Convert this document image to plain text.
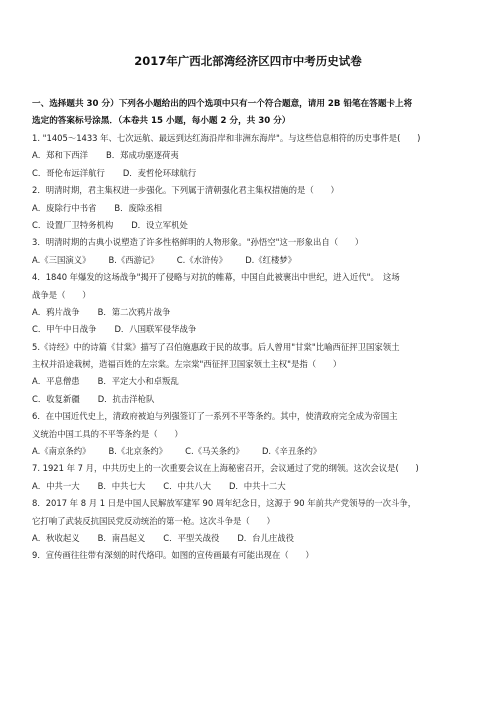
2017年广西北部湾经济区四市中考历史试卷
一、选择题共 30 分）下列各小题给出的四个选项中只有一个符合题意，请用 2B 铅笔在答题卡上将
选定的答案标号涂黑．（本卷共 15 小题，每小题 2 分，共 30 分）
1. "1405～1433 年、七次远航、最远到达红海沿岸和非洲东海岸"。与这些信息相符的历史事件是(　　)
A．郑和下西洋 B．郑成功驱逐荷夷
C．哥伦布远洋航行 D．麦哲伦环球航行
2．明清时期，君主集权进一步强化。下列属于清朝强化君主集权措施的是（　　）
A．废除行中书省 B．废除丞相
C．设置厂卫特务机构 D．设立军机处
3．明清时期的古典小说塑造了许多性格鲜明的人物形象。"孙悟空"这一形象出自（　　）
A.《三国演义》 B.《西游记》 C.《水浒传》 D.《红楼梦》
4．1840 年爆发的这场战争"揭开了侵略与对抗的帷幕，中国自此被裹出中世纪，进入近代"。　这场
战争是（　　）
A．鸦片战争 B．第二次鸦片战争
C．甲午中日战争 D．八国联军侵华战争
5.《诗经》中的诗篇《甘棠》描写了召伯施惠政于民的故事。后人曾用"甘棠"比喻西征抨卫国家领土
主权并沿途栽树，造福百姓的左宗棠。左宗棠"西征抨卫国家领土主权"是指（　　）
A．平息僧患 B．平定大小和卓叛乱
C．收复新疆 D．抗击洋枪队
6．在中国近代史上，清政府被迫与列强签订了一系列不平等条约。其中，使清政府完全成为帝国主
义统治中国工具的不平等条约是（　　）
A.《南京条约》 B.《北京条约》 C.《马关条约》 D.《辛丑条约》
7. 1921 年 7 月，中共历史上的一次重要会议在上海秘密召开，会议通过了党的纲领。这次会议是(　　)
A．中共一大 B．中共七大 C．中共八大 D．中共十二大
8．2017 年 8 月 1 日是中国人民解放军建军 90 周年纪念日，这源于 90 年前共产党领导的一次斗争，
它打响了武装反抗国民党反动统治的第一枪。这次斗争是（　　）
A．秋收起义 B．南昌起义 C．平型关战役 D．台儿庄战役
9．宣传画往往带有深刻的时代烙印。如图的宣传画最有可能出现在（　　）
